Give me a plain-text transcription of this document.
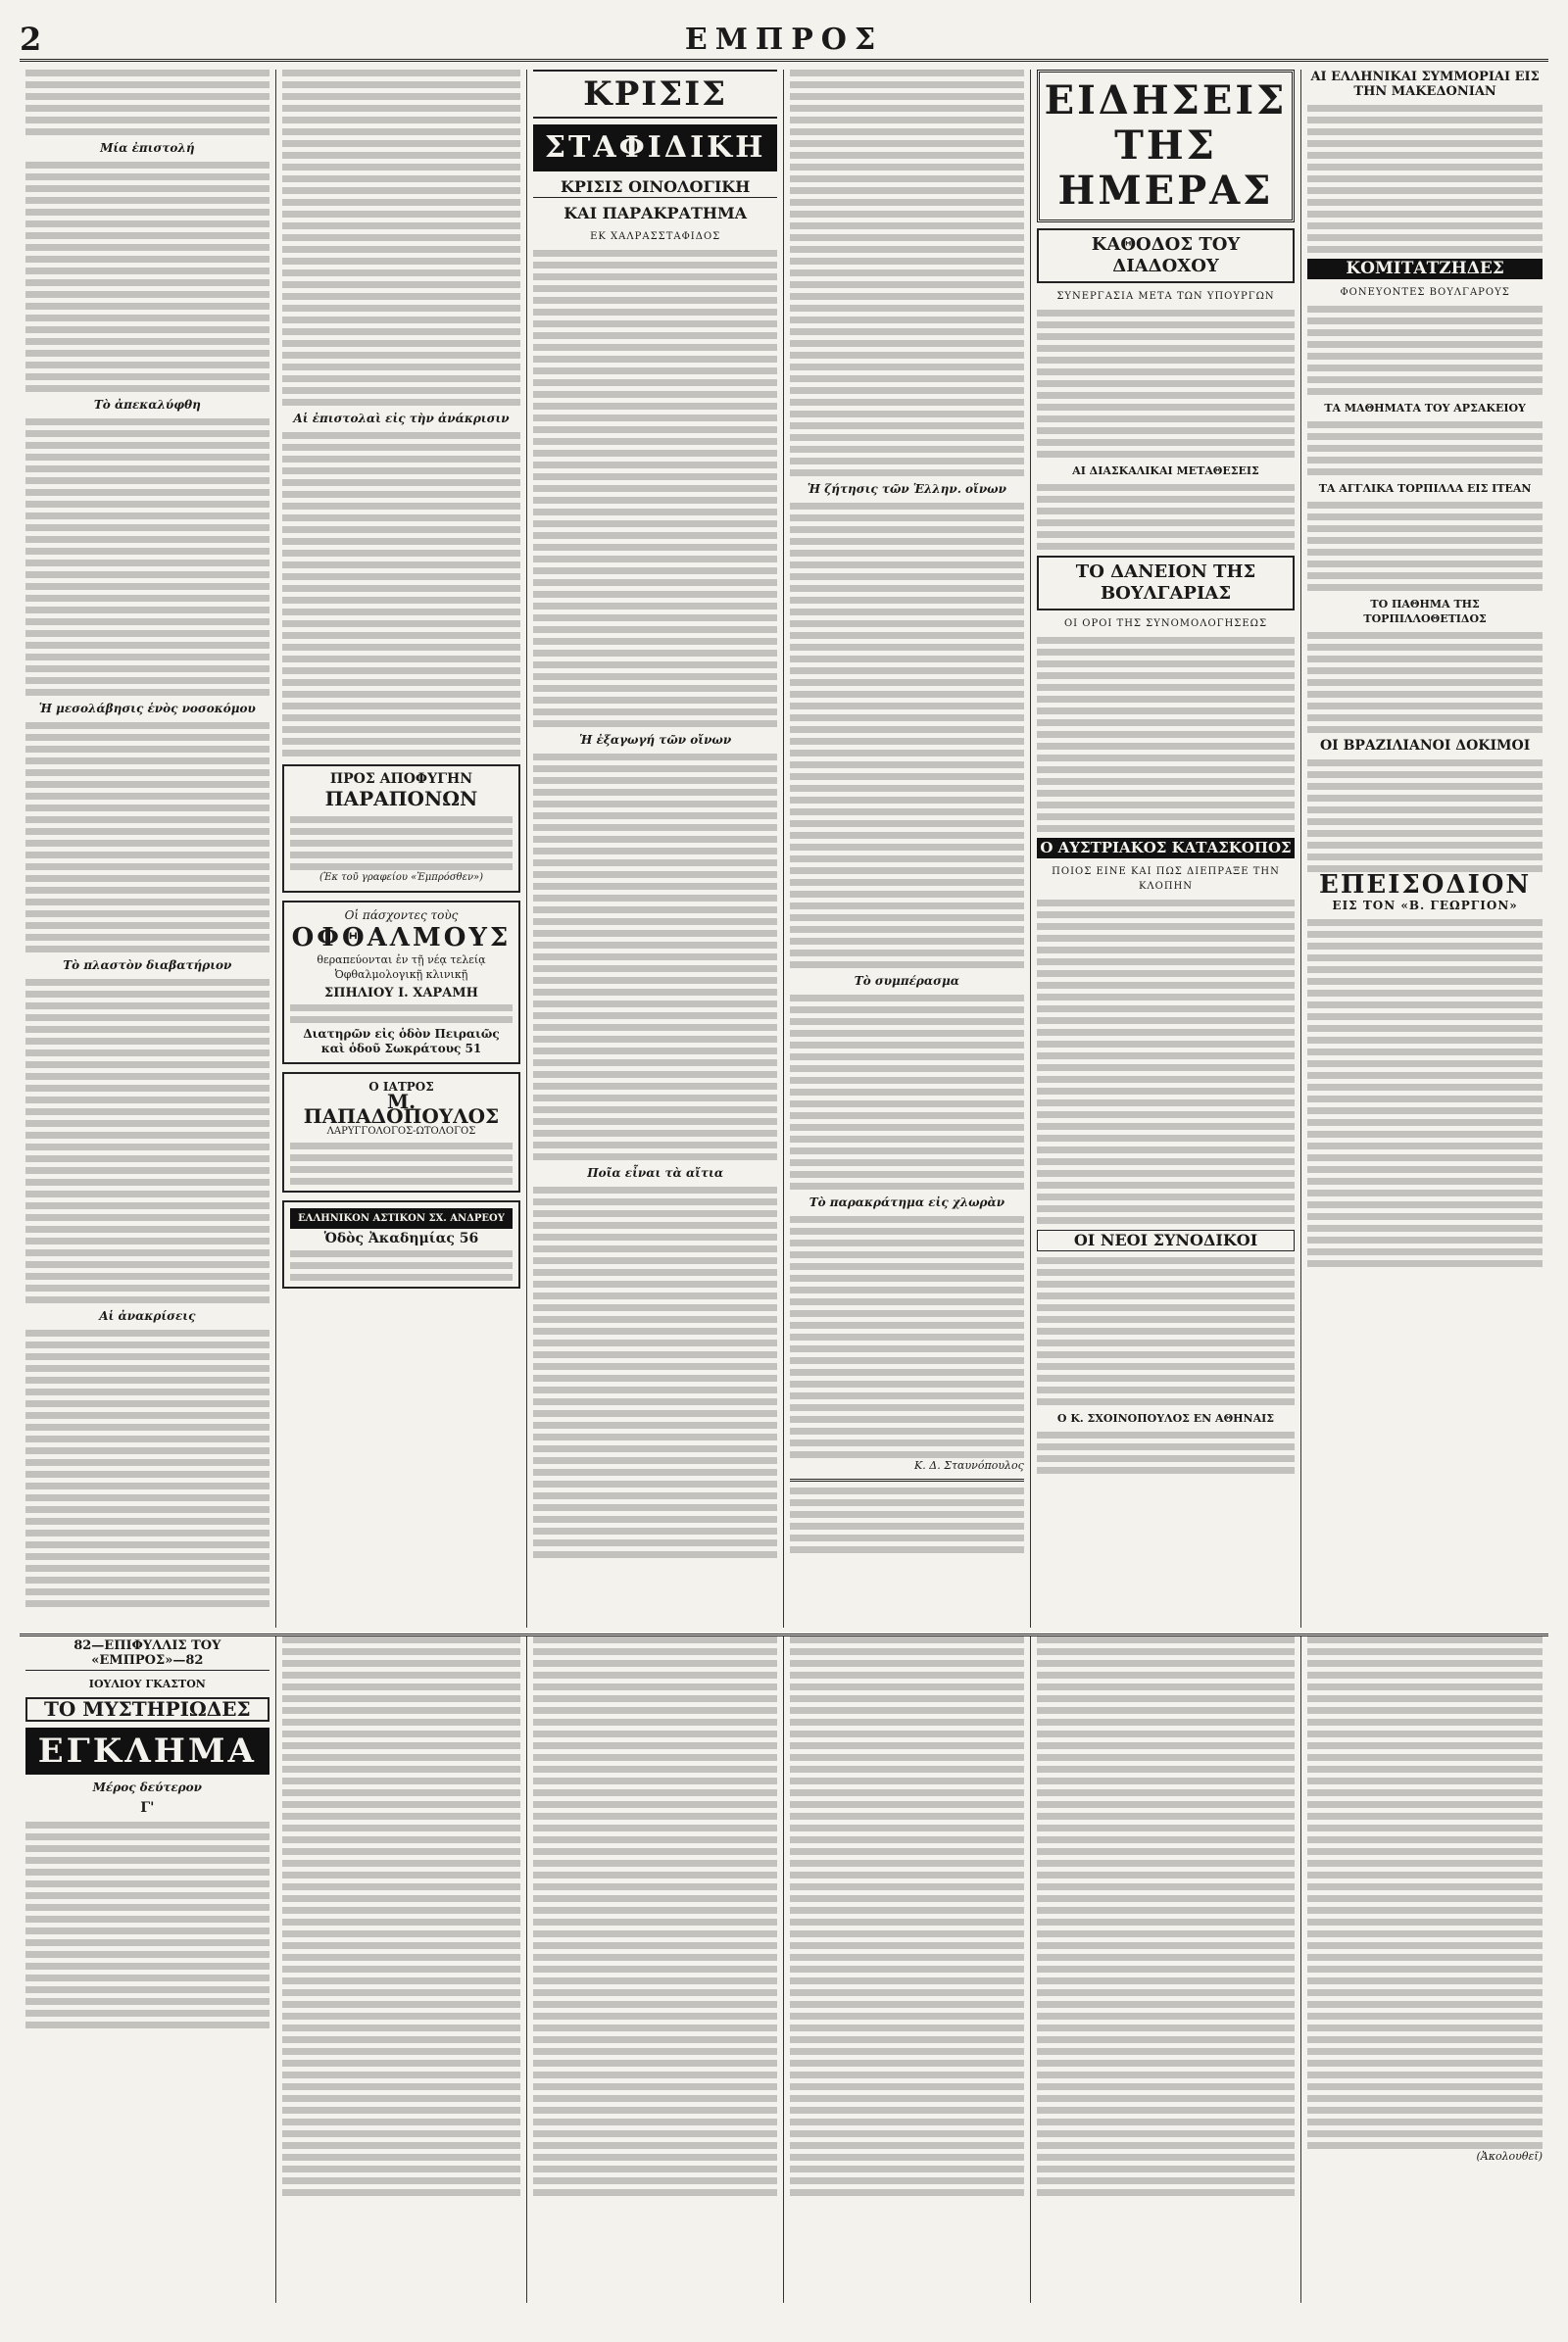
2	ΕΜΠΡΟΣ
Μία ἐπιστολή
Τὸ ἀπεκαλύφθη
Ἡ μεσολάβησις ἑνὸς νοσοκόμου
Τὸ πλαστὸν διαβατήριον
Αἱ ἀνακρίσεις
Αἱ ἐπιστολαὶ εἰς τὴν ἀνάκρισιν
ΠΡΟΣ ΑΠΟΦΥΓΗΝ
ΠΑΡΑΠΟΝΩΝ
(Ἐκ τοῦ γραφείου «Ἐμπρόσθεν»)
Οἱ πάσχοντες τοὺς
ΟΦΘΑΛΜΟΥΣ
θεραπεύονται ἐν τῇ νέᾳ τελείᾳ Ὀφθαλμολογικῇ κλινικῇ
ΣΠΗΛΙΟΥ Ι. ΧΑΡΑΜΗ
Διατηρῶν εἰς ὁδὸν Πειραιῶς καὶ ὁδοῦ Σωκράτους 51
Ο ΙΑΤΡΟΣ
Μ. ΠΑΠΑΔΟΠΟΥΛΟΣ
ΛΑΡΥΓΓΟΛΟΓΟΣ-ΩΤΟΛΟΓΟΣ
ΕΛΛΗΝΙΚΟΝ ΑΣΤΙΚΟΝ ΣΧ. ΑΝΔΡΕΟΥ
Ὁδὸς Ἀκαδημίας 56
ΚΡΙΣΙΣ
ΣΤΑΦΙΔΙΚΗ
ΚΡΙΣΙΣ ΟΙΝΟΛΟΓΙΚΗ
ΚΑΙ ΠΑΡΑΚΡΑΤΗΜΑ
ΕΚ ΧΑΛΡΑΣΣΤΑΦΙΔΟΣ
Ἡ ἐξαγωγή τῶν οἴνων
Ποῖα εἶναι τὰ αἴτια
Ἡ ζήτησις τῶν Ἑλλην. οἴνων
Τὸ συμπέρασμα
Τὸ παρακράτημα εἰς χλωρὰν
Κ. Δ. Σταυνόπουλος
ΕΙΔΗΣΕΙΣ ΤΗΣ ΗΜΕΡΑΣ
ΚΑΘΟΔΟΣ ΤΟΥ ΔΙΑΔΟΧΟΥ
ΣΥΝΕΡΓΑΣΙΑ ΜΕΤΑ ΤΩΝ ΥΠΟΥΡΓΩΝ
ΑΙ ΔΙΑΣΚΑΛΙΚΑΙ ΜΕΤΑΘΕΣΕΙΣ
ΤΟ ΔΑΝΕΙΟΝ ΤΗΣ ΒΟΥΛΓΑΡΙΑΣ
ΟΙ ΟΡΟΙ ΤΗΣ ΣΥΝΟΜΟΛΟΓΗΣΕΩΣ
Ο ΑΥΣΤΡΙΑΚΟΣ ΚΑΤΑΣΚΟΠΟΣ
ΠΟΙΟΣ ΕΙΝΕ ΚΑΙ ΠΩΣ ΔΙΕΠΡΑΞΕ ΤΗΝ ΚΛΟΠΗΝ
ΟΙ ΝΕΟΙ ΣΥΝΟΔΙΚΟΙ
Ο Κ. ΣΧΟΙΝΟΠΟΥΛΟΣ ΕΝ ΑΘΗΝΑΙΣ
ΑΙ ΕΛΛΗΝΙΚΑΙ ΣΥΜΜΟΡΙΑΙ ΕΙΣ ΤΗΝ ΜΑΚΕΔΟΝΙΑΝ
ΚΟΜΙΤΑΤΖΗΔΕΣ
ΦΟΝΕΥΟΝΤΕΣ ΒΟΥΛΓΑΡΟΥΣ
ΤΑ ΜΑΘΗΜΑΤΑ ΤΟΥ ΑΡΣΑΚΕΙΟΥ
ΤΑ ΑΓΓΛΙΚΑ ΤΟΡΠΙΛΛΑ ΕΙΣ ΙΤΕΑΝ
ΤΟ ΠΑΘΗΜΑ ΤΗΣ ΤΟΡΠΙΛΛΟΘΕΤΙΔΟΣ
ΟΙ ΒΡΑΖΙΛΙΑΝΟΙ ΔΟΚΙΜΟΙ
ΕΠΕΙΣΟΔΙΟΝ
ΕΙΣ ΤΟΝ «Β. ΓΕΩΡΓΙΟΝ»
82—ΕΠΙΦΥΛΛΙΣ ΤΟΥ «ΕΜΠΡΟΣ»—82
ΙΟΥΛΙΟΥ ΓΚΑΣΤΟΝ
ΤΟ ΜΥΣΤΗΡΙΩΔΕΣ
ΕΓΚΛΗΜΑ
Μέρος δεύτερον
Γ'
(Ἀκολουθεῖ)
